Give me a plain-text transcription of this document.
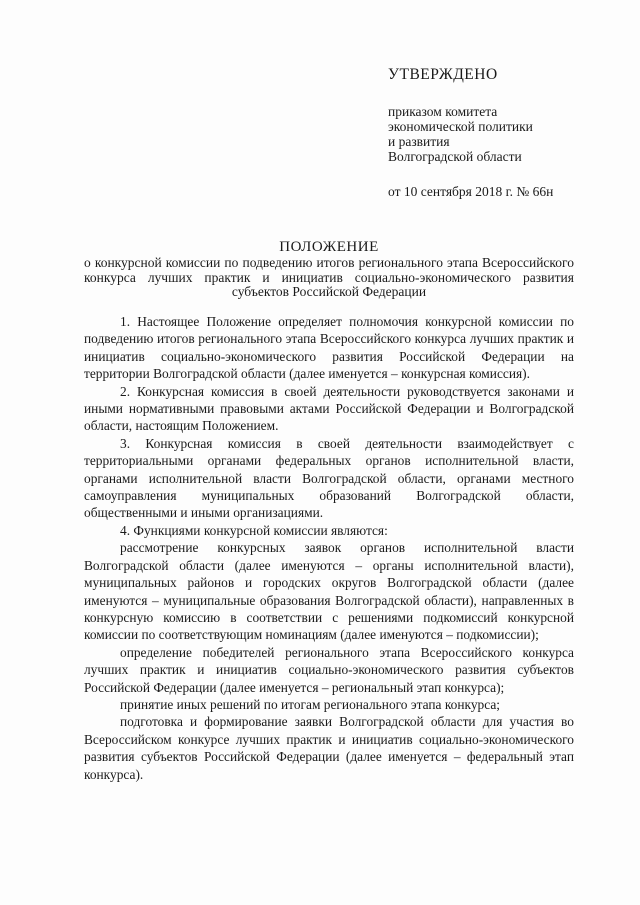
УТВЕРЖДЕНО
приказом комитета
экономической политики
и развития
Волгоградской области
от 10 сентября 2018 г. № 66н
ПОЛОЖЕНИЕ
о конкурсной комиссии по подведению итогов регионального этапа Всероссийского конкурса лучших практик и инициатив социально-экономического развития субъектов Российской Федерации

1. Настоящее Положение определяет полномочия конкурсной комиссии по подведению итогов регионального этапа Всероссийского конкурса лучших практик и инициатив социально-экономического развития Российской Федерации на территории Волгоградской области (далее именуется – конкурсная комиссия).

2. Конкурсная комиссия в своей деятельности руководствуется законами и иными нормативными правовыми актами Российской Федерации и Волгоградской области, настоящим Положением.

3. Конкурсная комиссия в своей деятельности взаимодействует с территориальными органами федеральных органов исполнительной власти, органами исполнительной власти Волгоградской области, органами местного самоуправления муниципальных образований Волгоградской области, общественными и иными организациями.

4. Функциями конкурсной комиссии являются:

рассмотрение конкурсных заявок органов исполнительной власти Волгоградской области (далее именуются – органы исполнительной власти), муниципальных районов и городских округов Волгоградской области (далее именуются – муниципальные образования Волгоградской области), направленных в конкурсную комиссию в соответствии с решениями подкомиссий конкурсной комиссии по соответствующим номинациям (далее именуются – подкомиссии);

определение победителей регионального этапа Всероссийского конкурса лучших практик и инициатив социально-экономического развития субъектов Российской Федерации (далее именуется – региональный этап конкурса);

принятие иных решений по итогам регионального этапа конкурса;

подготовка и формирование заявки Волгоградской области для участия во Всероссийском конкурсе лучших практик и инициатив социально-экономического развития субъектов Российской Федерации (далее именуется – федеральный этап конкурса).
